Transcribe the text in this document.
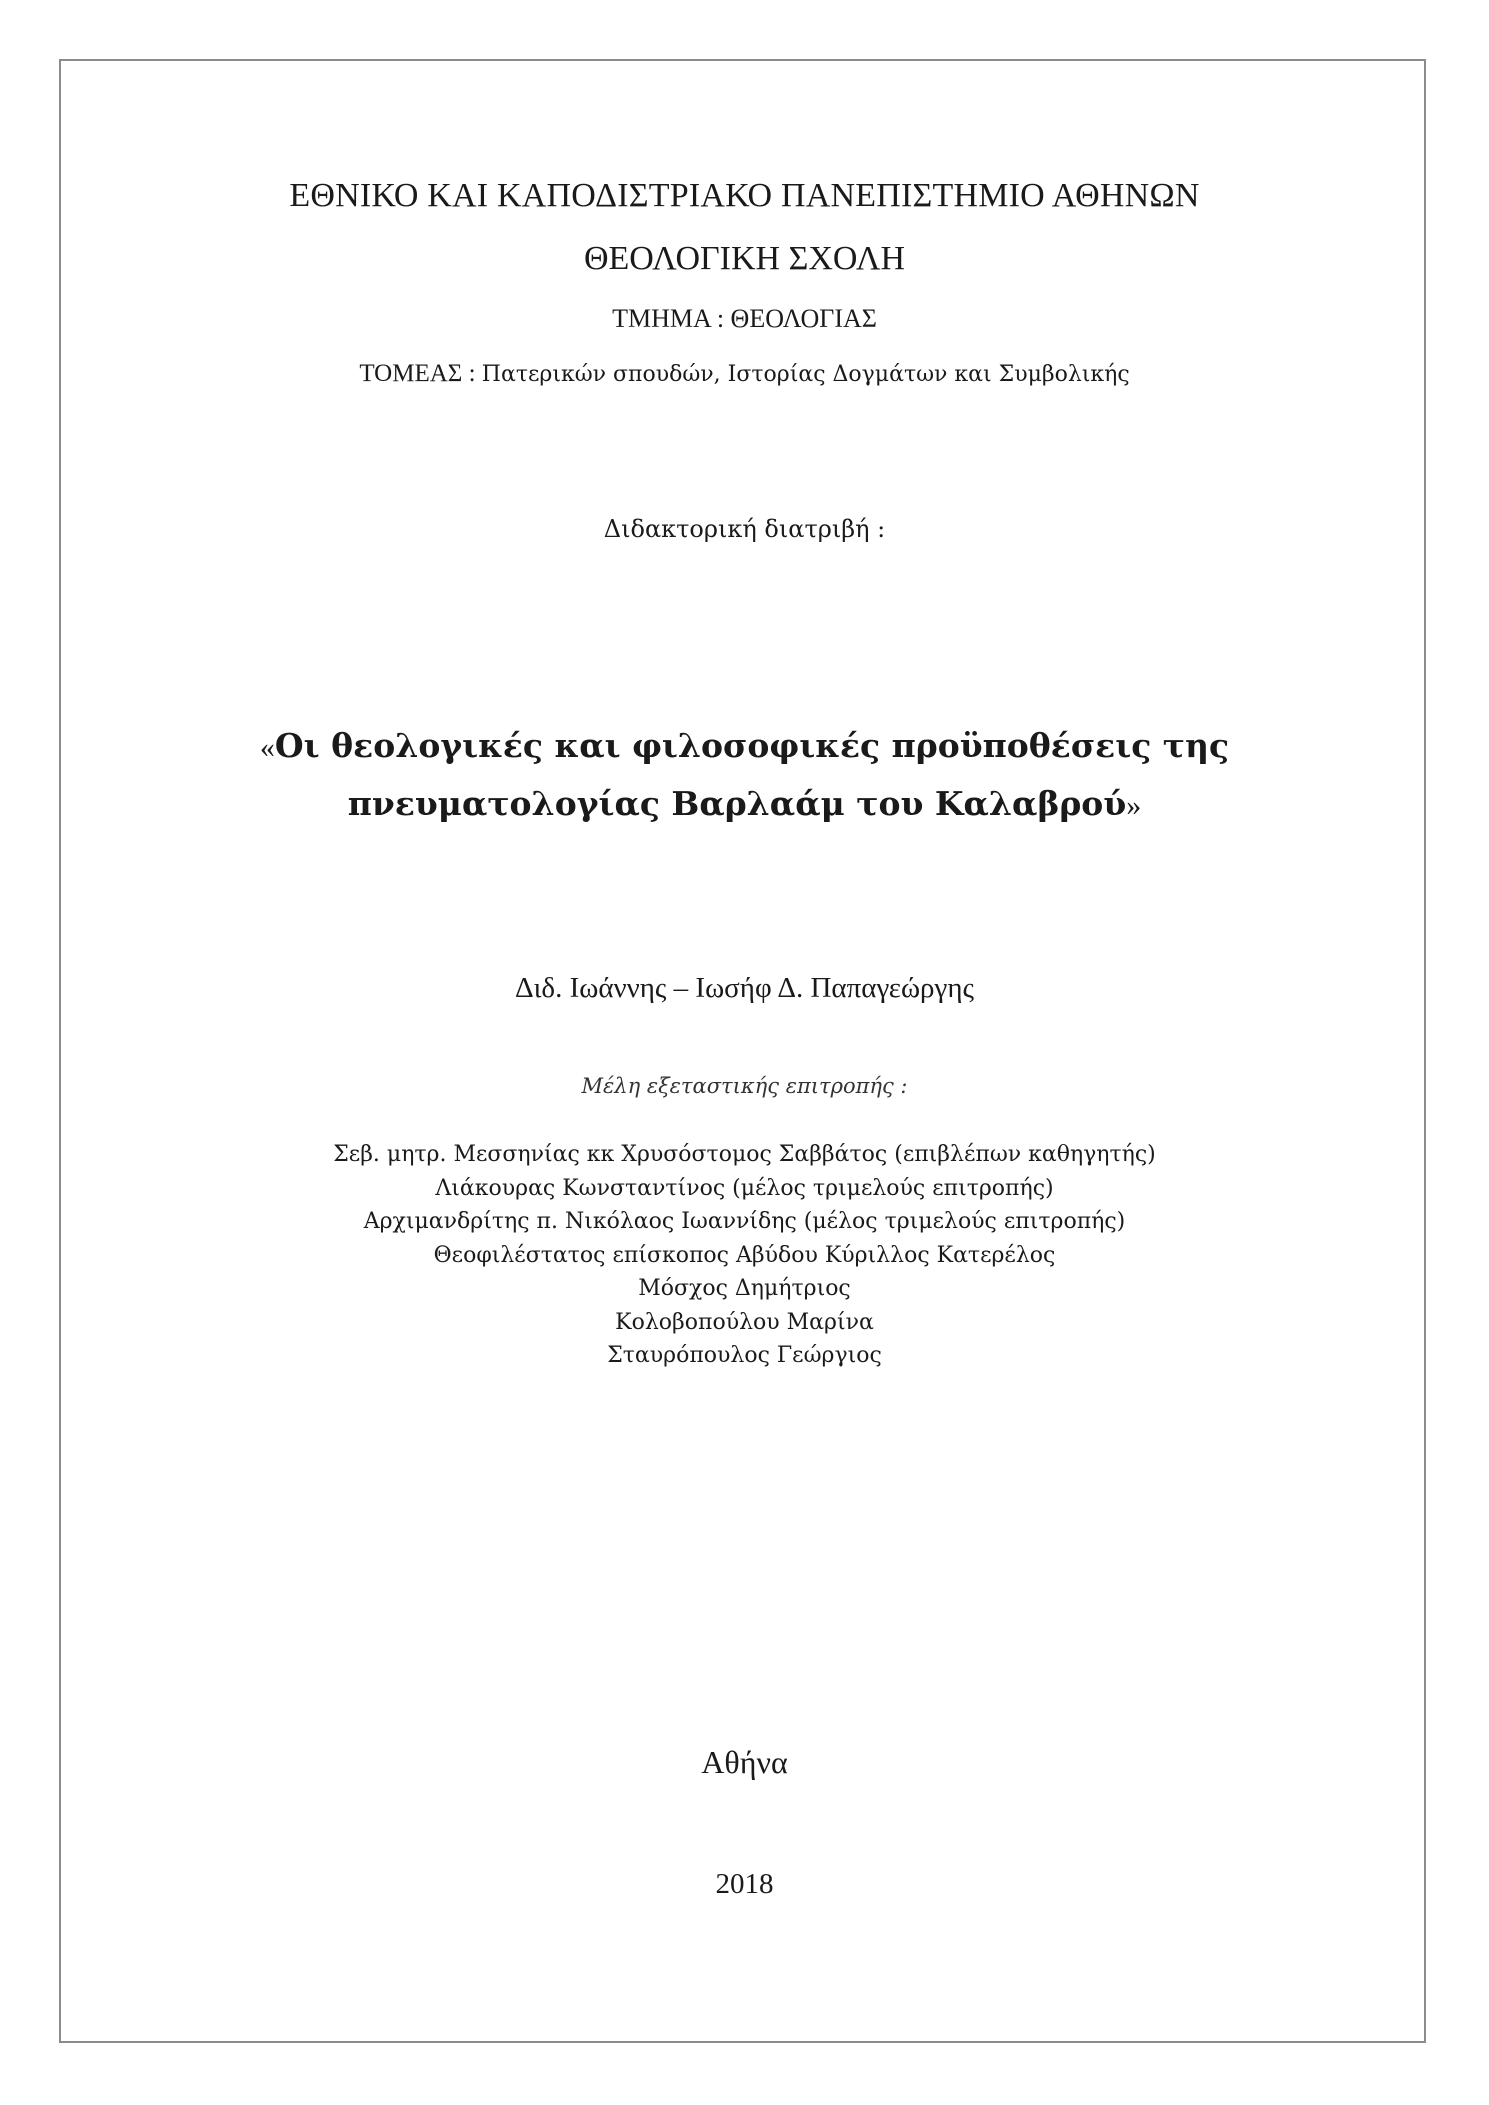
ΕΘΝΙΚΟ ΚΑΙ ΚΑΠΟΔΙΣΤΡΙΑΚΟ ΠΑΝΕΠΙΣΤΗΜΙΟ ΑΘΗΝΩΝ

ΘΕΟΛΟΓΙΚΗ ΣΧΟΛΗ

ΤΜΗΜΑ : ΘΕΟΛΟΓΙΑΣ

ΤΟΜΕΑΣ : Πατερικών σπουδών, Ιστορίας Δογμάτων και Συμβολικής

Διδακτορική διατριβή :

«Οι θεολογικές και φιλοσοφικές προϋποθέσεις της
πνευματολογίας Βαρλαάμ του Καλαβρού»

Διδ. Ιωάννης – Ιωσήφ Δ. Παπαγεώργης

Μέλη εξεταστικής επιτροπής :

Σεβ. μητρ. Μεσσηνίας κκ Χρυσόστομος Σαββάτος (επιβλέπων καθηγητής)
Λιάκουρας Κωνσταντίνος (μέλος τριμελούς επιτροπής)
Αρχιμανδρίτης π. Νικόλαος Ιωαννίδης (μέλος τριμελούς επιτροπής)
Θεοφιλέστατος επίσκοπος Αβύδου Κύριλλος Κατερέλος
Μόσχος Δημήτριος
Κολοβοπούλου Μαρίνα
Σταυρόπουλος Γεώργιος

Αθήνα

2018
